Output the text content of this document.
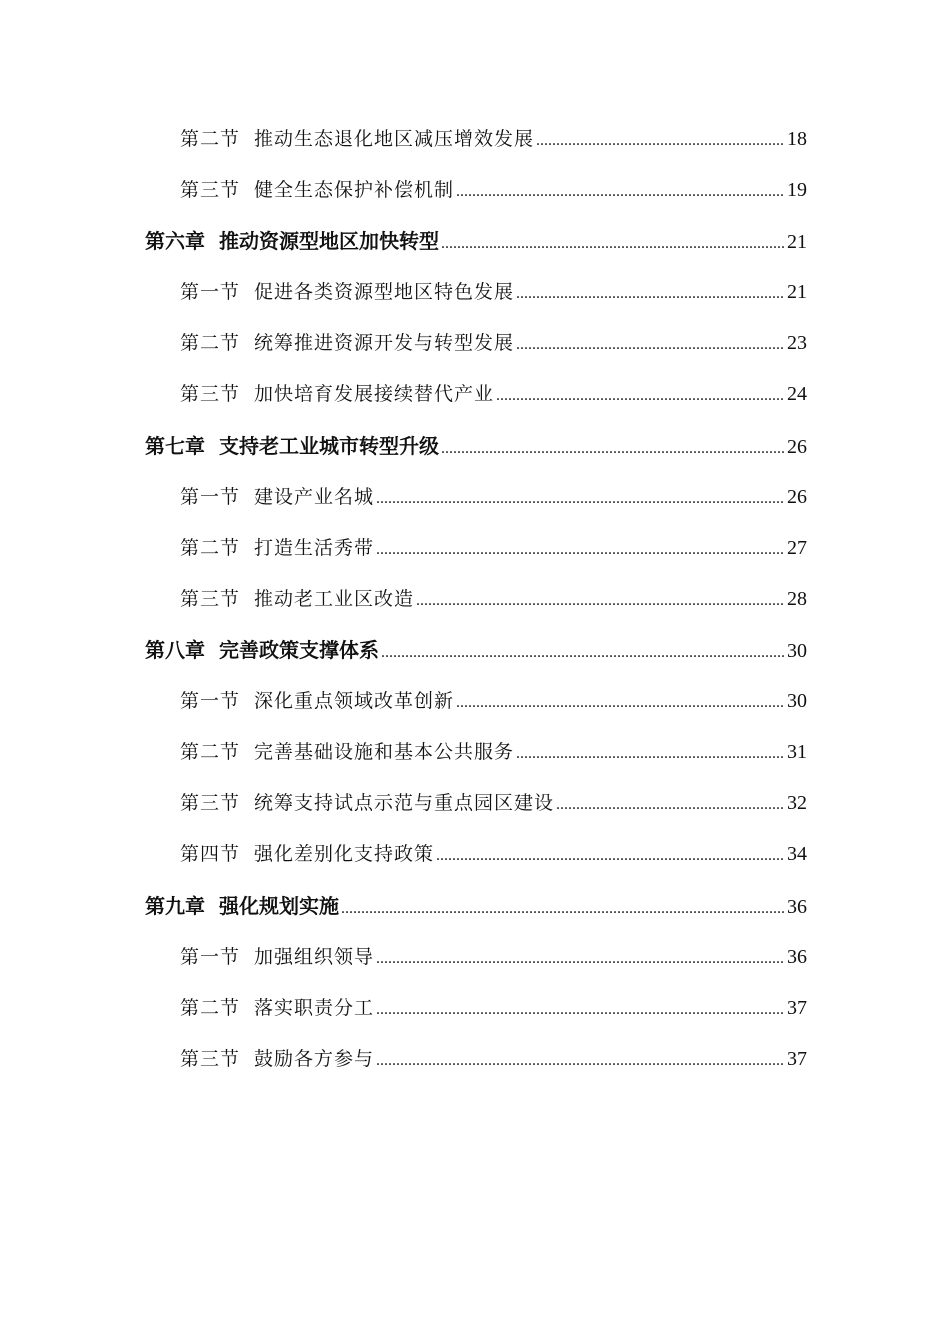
第二节 推动生态退化地区减压增效发展 .....	18
第三节 健全生态保护补偿机制 .....	19
第六章 推动资源型地区加快转型 .....	21
第一节 促进各类资源型地区特色发展 .....	21
第二节 统筹推进资源开发与转型发展 .....	23
第三节 加快培育发展接续替代产业 .....	24
第七章 支持老工业城市转型升级 .....	26
第一节 建设产业名城 .....	26
第二节 打造生活秀带 .....	27
第三节 推动老工业区改造 .....	28
第八章 完善政策支撑体系 .....	30
第一节 深化重点领域改革创新 .....	30
第二节 完善基础设施和基本公共服务 .....	31
第三节 统筹支持试点示范与重点园区建设 .....	32
第四节 强化差别化支持政策 .....	34
第九章 强化规划实施 .....	36
第一节 加强组织领导 .....	36
第二节 落实职责分工 .....	37
第三节 鼓励各方参与 .....	37
